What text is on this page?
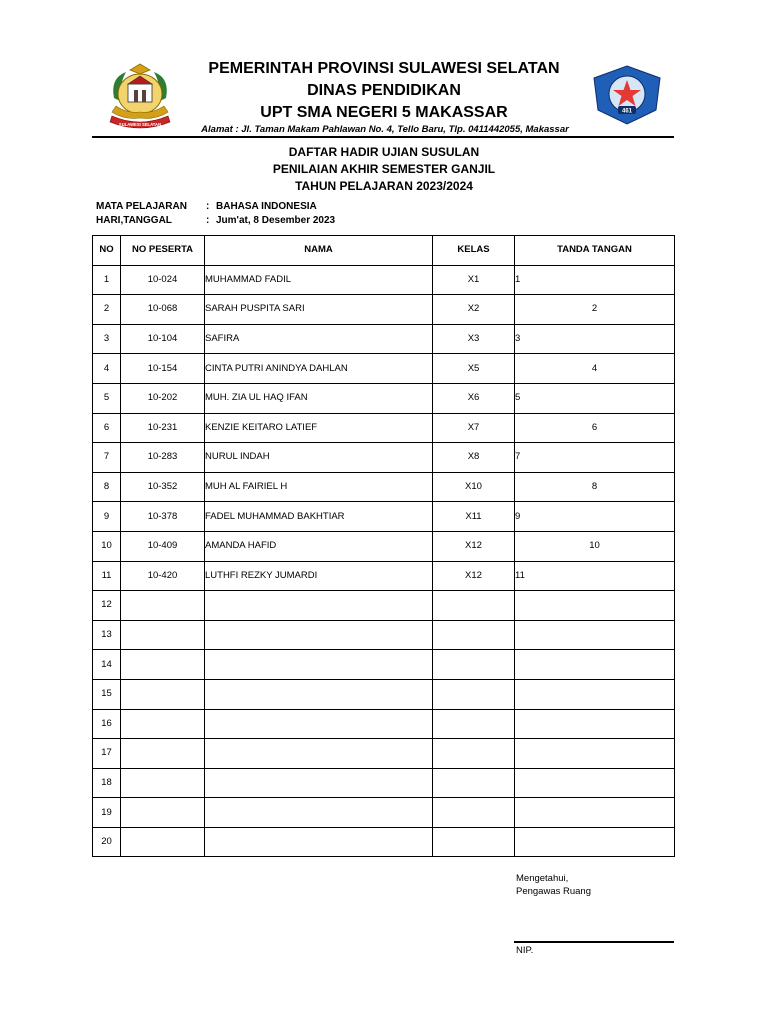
SULAWESI SELATAN
461
PEMERINTAH PROVINSI SULAWESI SELATAN
DINAS PENDIDIKAN
UPT SMA NEGERI 5 MAKASSAR
Alamat : Jl. Taman Makam Pahlawan No. 4, Tello Baru, Tlp. 0411442055, Makassar
DAFTAR HADIR UJIAN SUSULAN
PENILAIAN AKHIR SEMESTER GANJIL
TAHUN PELAJARAN 2023/2024
MATA PELAJARAN : BAHASA INDONESIA
HARI,TANGGAL	: Jum'at, 8 Desember 2023
NO	NO PESERTA	NAMA	KELAS	TANDA TANGAN
1	10-024	MUHAMMAD FADIL	X1	1
2	10-068	SARAH PUSPITA SARI	X2	2
3	10-104	SAFIRA	X3	3
4	10-154	CINTA PUTRI ANINDYA DAHLAN	X5	4
5	10-202	MUH. ZIA UL HAQ IFAN	X6	5
6	10-231	KENZIE KEITARO LATIEF	X7	6
7	10-283	NURUL INDAH	X8	7
8	10-352	MUH AL FAIRIEL H	X10	8
9	10-378	FADEL MUHAMMAD BAKHTIAR	X11	9
10	10-409	AMANDA HAFID	X12	10
11	10-420	LUTHFI REZKY JUMARDI	X12	11
12				
13				
14				
15				
16				
17				
18				
19				
20				
Mengetahui,
Pengawas Ruang
NIP.
